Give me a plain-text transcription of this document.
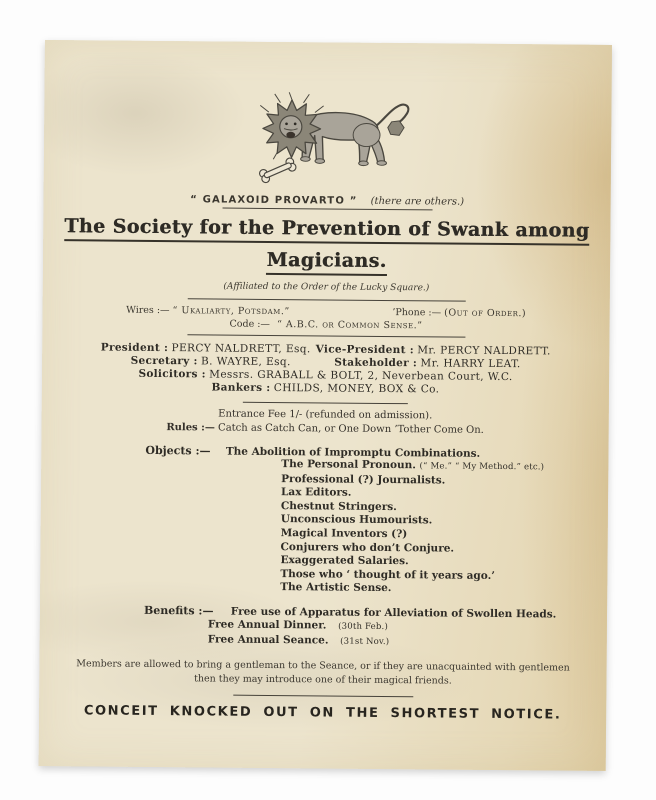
“ GALAXOID PROVARTO ” (there are others.)
The Society for the Prevention of Swank among
Magicians.
(Affiliated to the Order of the Lucky Square.)
Wires :— “ Ukaliarty, Potsdam.”	’Phone :— (Out of Order.)
Code :— “ A.B.C. or Common Sense.”
President : PERCY NALDRETT, Esq. Vice-President : Mr. PERCY NALDRETT.
Secretary : B. WAYRE, Esq.	Stakeholder : Mr. HARRY LEAT.
Solicitors : Messrs. GRABALL & BOLT, 2, Neverbean Court, W.C.
Bankers : CHILDS, MONEY, BOX & Co.
Entrance Fee 1/- (refunded on admission).
Rules :— Catch as Catch Can, or One Down ’Tother Come On.
Objects :— The Abolition of Impromptu Combinations.
The Personal Pronoun. (“ Me.” “ My Method.” etc.)
Professional (?) Journalists.
Lax Editors.
Chestnut Stringers.
Unconscious Humourists.
Magical Inventors (?)
Conjurers who don’t Conjure.
Exaggerated Salaries.
Those who ‘ thought of it years ago.’
The Artistic Sense.
Benefits :— Free use of Apparatus for Alleviation of Swollen Heads.
Free Annual Dinner. (30th Feb.)
Free Annual Seance. (31st Nov.)
Members are allowed to bring a gentleman to the Seance, or if they are unacquainted with gentlemen
then they may introduce one of their magical friends.
CONCEIT KNOCKED OUT ON THE SHORTEST NOTICE.
